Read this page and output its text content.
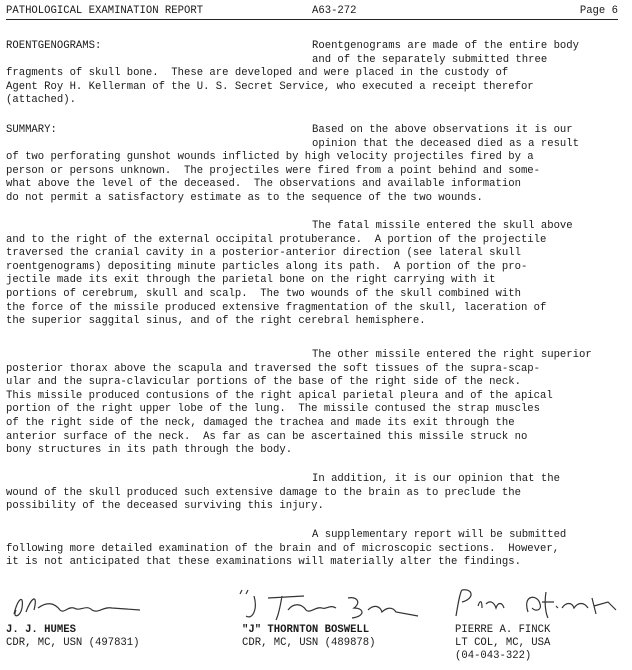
PATHOLOGICAL EXAMINATION REPORT	A63-272	Page 6
ROENTGENOGRAMS:	Roentgenograms are made of the entire body
and of the separately submitted three
fragments of skull bone.  These are developed and were placed in the custody of
Agent Roy H. Kellerman of the U. S. Secret Service, who executed a receipt therefor
(attached).
SUMMARY:	Based on the above observations it is our
opinion that the deceased died as a result
of two perforating gunshot wounds inflicted by high velocity projectiles fired by a
person or persons unknown.  The projectiles were fired from a point behind and some-
what above the level of the deceased.  The observations and available information
do not permit a satisfactory estimate as to the sequence of the two wounds.
The fatal missile entered the skull above
and to the right of the external occipital protuberance.  A portion of the projectile
traversed the cranial cavity in a posterior-anterior direction (see lateral skull
roentgenograms) depositing minute particles along its path.  A portion of the pro-
jectile made its exit through the parietal bone on the right carrying with it
portions of cerebrum, skull and scalp.  The two wounds of the skull combined with
the force of the missile produced extensive fragmentation of the skull, laceration of
the superior saggital sinus, and of the right cerebral hemisphere.
The other missile entered the right superior
posterior thorax above the scapula and traversed the soft tissues of the supra-scap-
ular and the supra-clavicular portions of the base of the right side of the neck.
This missile produced contusions of the right apical parietal pleura and of the apical
portion of the right upper lobe of the lung.  The missile contused the strap muscles
of the right side of the neck, damaged the trachea and made its exit through the
anterior surface of the neck.  As far as can be ascertained this missile struck no
bony structures in its path through the body.
In addition, it is our opinion that the
wound of the skull produced such extensive damage to the brain as to preclude the
possibility of the deceased surviving this injury.
A supplementary report will be submitted
following more detailed examination of the brain and of microscopic sections.  However,
it is not anticipated that these examinations will materially alter the findings.
J. J. HUMES
CDR, MC, USN (497831)
"J" THORNTON BOSWELL
CDR, MC, USN (489878)
PIERRE A. FINCK
LT COL, MC, USA
(04-043-322)
